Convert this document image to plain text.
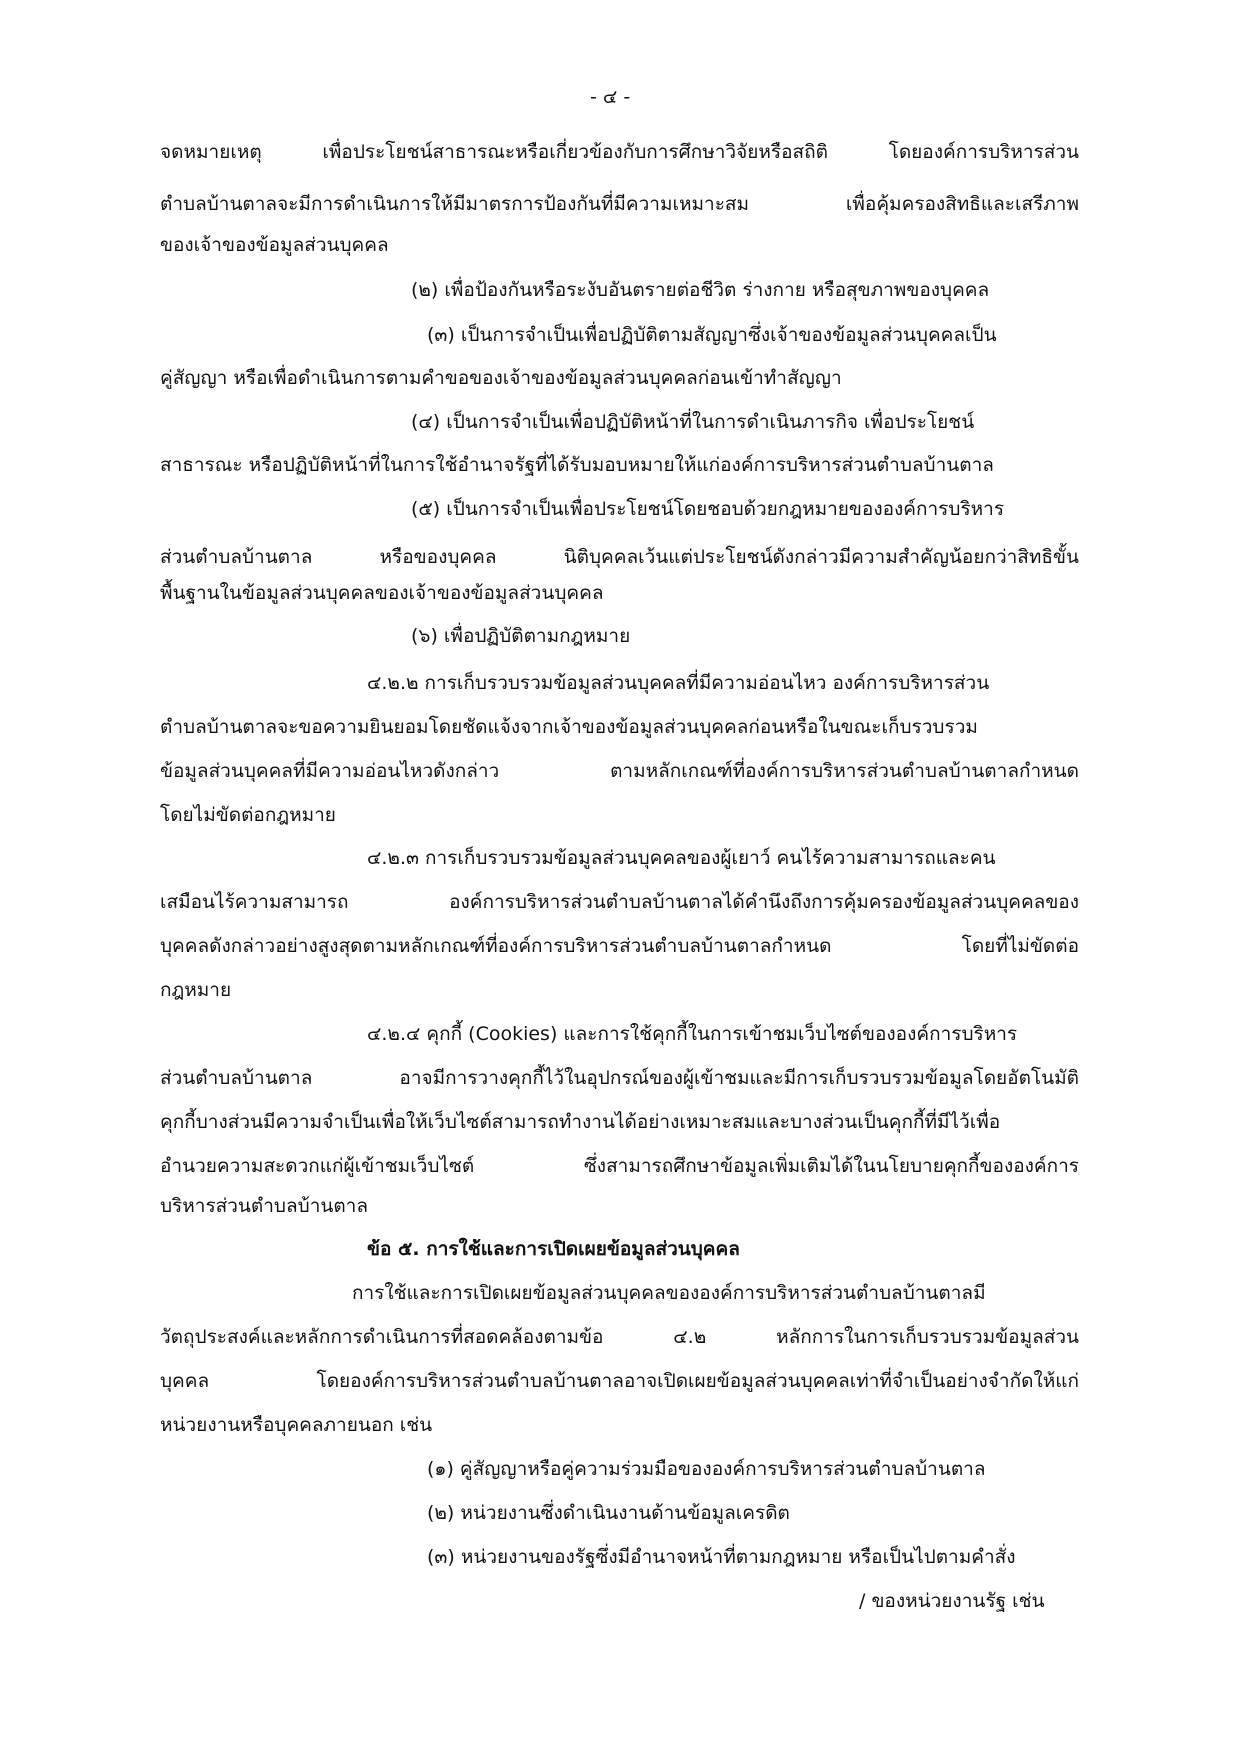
- ๔ -
จดหมายเหตุ	เพื่อประโยชน์สาธารณะหรือเกี่ยวข้องกับการศึกษาวิจัยหรือสถิติ	โดยองค์การบริหารส่วน
ตำบลบ้านตาลจะมีการดำเนินการให้มีมาตรการป้องกันที่มีความเหมาะสม	เพื่อคุ้มครองสิทธิและเสรีภาพ
ของเจ้าของข้อมูลส่วนบุคคล
(๒) เพื่อป้องกันหรือระงับอันตรายต่อชีวิต ร่างกาย หรือสุขภาพของบุคคล
(๓) เป็นการจำเป็นเพื่อปฏิบัติตามสัญญาซึ่งเจ้าของข้อมูลส่วนบุคคลเป็น
คู่สัญญา หรือเพื่อดำเนินการตามคำขอของเจ้าของข้อมูลส่วนบุคคลก่อนเข้าทำสัญญา
(๔) เป็นการจำเป็นเพื่อปฏิบัติหน้าที่ในการดำเนินภารกิจ เพื่อประโยชน์
สาธารณะ หรือปฏิบัติหน้าที่ในการใช้อำนาจรัฐที่ได้รับมอบหมายให้แก่องค์การบริหารส่วนตำบลบ้านตาล
(๕) เป็นการจำเป็นเพื่อประโยชน์โดยชอบด้วยกฎหมายขององค์การบริหาร
ส่วนตำบลบ้านตาล	หรือของบุคคล	นิติบุคคลเว้นแต่ประโยชน์ดังกล่าวมีความสำคัญน้อยกว่าสิทธิขั้น
พื้นฐานในข้อมูลส่วนบุคคลของเจ้าของข้อมูลส่วนบุคคล
(๖) เพื่อปฏิบัติตามกฎหมาย
๔.๒.๒ การเก็บรวบรวมข้อมูลส่วนบุคคลที่มีความอ่อนไหว องค์การบริหารส่วน
ตำบลบ้านตาลจะขอความยินยอมโดยชัดแจ้งจากเจ้าของข้อมูลส่วนบุคคลก่อนหรือในขณะเก็บรวบรวม
ข้อมูลส่วนบุคคลที่มีความอ่อนไหวดังกล่าว	ตามหลักเกณฑ์ที่องค์การบริหารส่วนตำบลบ้านตาลกำหนด
โดยไม่ขัดต่อกฎหมาย
๔.๒.๓ การเก็บรวบรวมข้อมูลส่วนบุคคลของผู้เยาว์ คนไร้ความสามารถและคน
เสมือนไร้ความสามารถ	องค์การบริหารส่วนตำบลบ้านตาลได้คำนึงถึงการคุ้มครองข้อมูลส่วนบุคคลของ
บุคคลดังกล่าวอย่างสูงสุดตามหลักเกณฑ์ที่องค์การบริหารส่วนตำบลบ้านตาลกำหนด	โดยที่ไม่ขัดต่อ
กฎหมาย
๔.๒.๔ คุกกี้ (Cookies) และการใช้คุกกี้ในการเข้าชมเว็บไซต์ขององค์การบริหาร
ส่วนตำบลบ้านตาล	อาจมีการวางคุกกี้ไว้ในอุปกรณ์ของผู้เข้าชมและมีการเก็บรวบรวมข้อมูลโดยอัตโนมัติ
คุกกี้บางส่วนมีความจำเป็นเพื่อให้เว็บไซต์สามารถทำงานได้อย่างเหมาะสมและบางส่วนเป็นคุกกี้ที่มีไว้เพื่อ
อำนวยความสะดวกแก่ผู้เข้าชมเว็บไซต์	ซึ่งสามารถศึกษาข้อมูลเพิ่มเติมได้ในนโยบายคุกกี้ขององค์การ
บริหารส่วนตำบลบ้านตาล
ข้อ ๕. การใช้และการเปิดเผยข้อมูลส่วนบุคคล
การใช้และการเปิดเผยข้อมูลส่วนบุคคลขององค์การบริหารส่วนตำบลบ้านตาลมี
วัตถุประสงค์และหลักการดำเนินการที่สอดคล้องตามข้อ	๔.๒	หลักการในการเก็บรวบรวมข้อมูลส่วน
บุคคล	โดยองค์การบริหารส่วนตำบลบ้านตาลอาจเปิดเผยข้อมูลส่วนบุคคลเท่าที่จำเป็นอย่างจำกัดให้แก่
หน่วยงานหรือบุคคลภายนอก เช่น
(๑) คู่สัญญาหรือคู่ความร่วมมือขององค์การบริหารส่วนตำบลบ้านตาล
(๒) หน่วยงานซึ่งดำเนินงานด้านข้อมูลเครดิต
(๓) หน่วยงานของรัฐซึ่งมีอำนาจหน้าที่ตามกฎหมาย หรือเป็นไปตามคำสั่ง
/ ของหน่วยงานรัฐ เช่น
